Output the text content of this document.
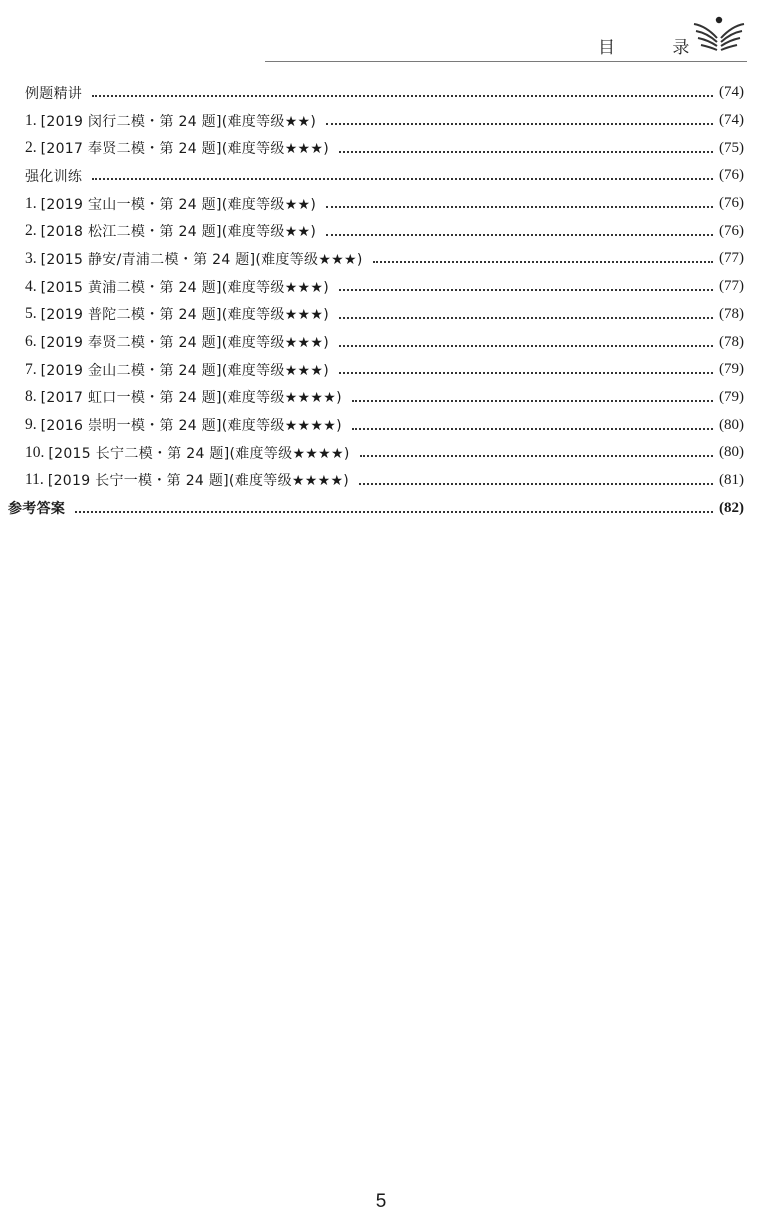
目 录
例题精讲	(74)
1. [2019 闵行二模・第 24 题](难度等级★★)	(74)
2. [2017 奉贤二模・第 24 题](难度等级★★★)	(75)
强化训练	(76)
1. [2019 宝山一模・第 24 题](难度等级★★)	(76)
2. [2018 松江二模・第 24 题](难度等级★★)	(76)
3. [2015 静安/青浦二模・第 24 题](难度等级★★★)	(77)
4. [2015 黄浦二模・第 24 题](难度等级★★★)	(77)
5. [2019 普陀二模・第 24 题](难度等级★★★)	(78)
6. [2019 奉贤二模・第 24 题](难度等级★★★)	(78)
7. [2019 金山二模・第 24 题](难度等级★★★)	(79)
8. [2017 虹口一模・第 24 题](难度等级★★★★)	(79)
9. [2016 崇明一模・第 24 题](难度等级★★★★)	(80)
10. [2015 长宁二模・第 24 题](难度等级★★★★)	(80)
11. [2019 长宁一模・第 24 题](难度等级★★★★)	(81)
参考答案	(82)
5
